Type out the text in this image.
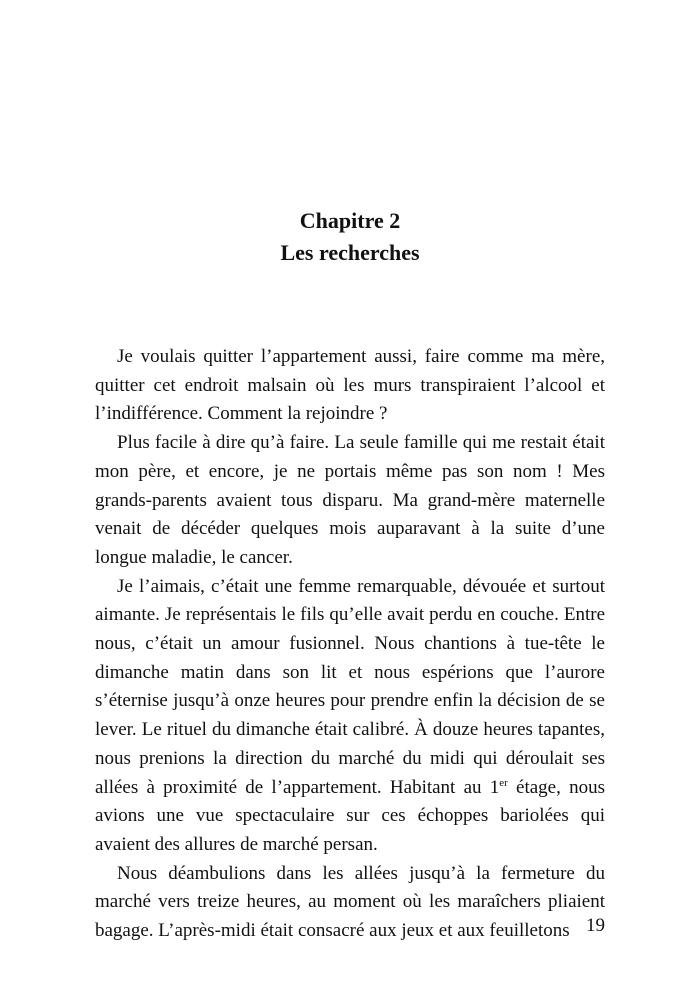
Chapitre 2
Les recherches

Je voulais quitter l’appartement aussi, faire comme ma mère, quitter cet endroit malsain où les murs transpiraient l’alcool et l’indifférence. Comment la rejoindre ?

Plus facile à dire qu’à faire. La seule famille qui me restait était mon père, et encore, je ne portais même pas son nom ! Mes grands-parents avaient tous disparu. Ma grand-mère maternelle venait de décéder quelques mois auparavant à la suite d’une longue maladie, le cancer.

Je l’aimais, c’était une femme remarquable, dévouée et surtout aimante. Je représentais le fils qu’elle avait perdu en couche. Entre nous, c’était un amour fusionnel. Nous chantions à tue-tête le dimanche matin dans son lit et nous espérions que l’aurore s’éternise jusqu’à onze heures pour prendre enfin la décision de se lever. Le rituel du dimanche était calibré. À douze heures tapantes, nous prenions la direction du marché du midi qui déroulait ses allées à proximité de l’appartement. Habitant au 1er étage, nous avions une vue spectaculaire sur ces échoppes bariolées qui avaient des allures de marché persan.

Nous déambulions dans les allées jusqu’à la fermeture du marché vers treize heures, au moment où les maraîchers pliaient bagage. L’après-midi était consacré aux jeux et aux feuilletons 19
